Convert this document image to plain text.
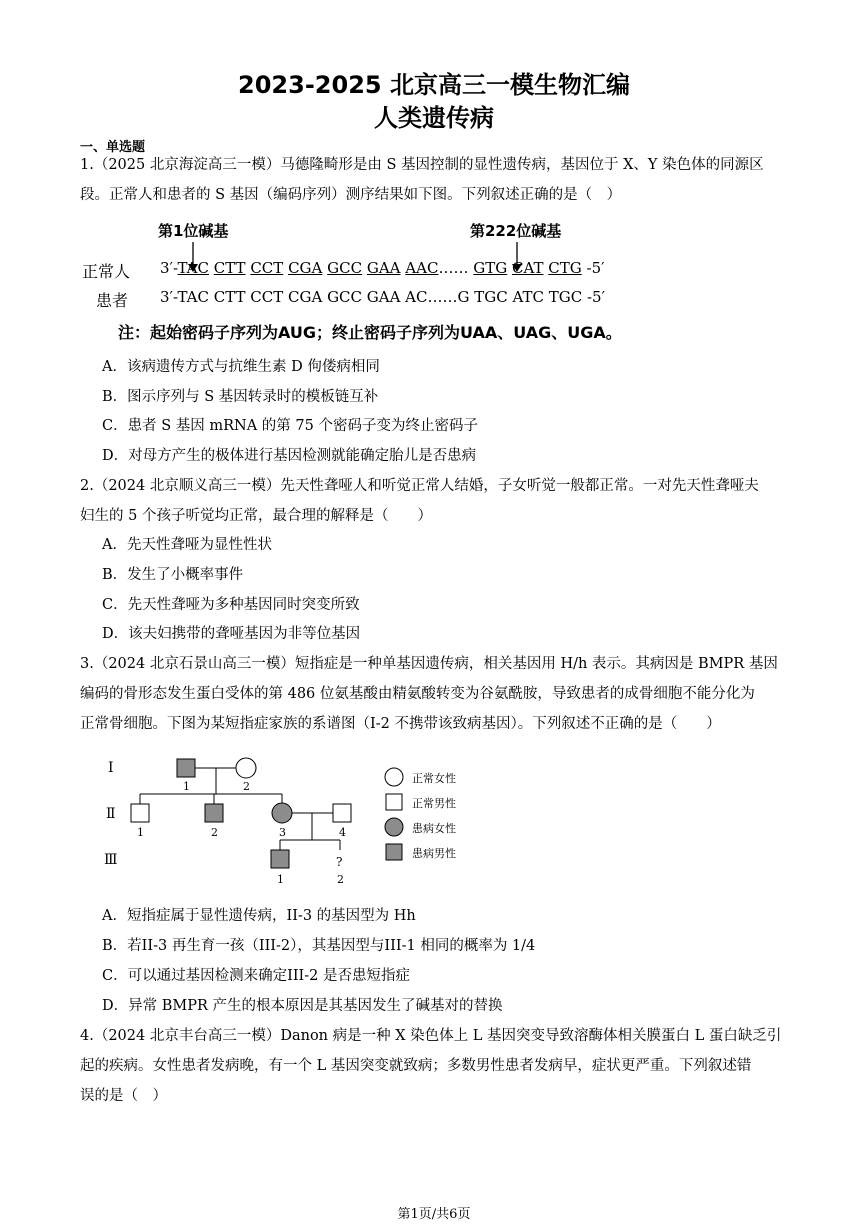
2023-2025 北京高三一模生物汇编
人类遗传病
一、单选题
1.（2025 北京海淀高三一模）马德隆畸形是由 S 基因控制的显性遗传病，基因位于 X、Y 染色体的同源区
段。正常人和患者的 S 基因（编码序列）测序结果如下图。下列叙述正确的是（　）
第1位碱基	第222位碱基
正常人 3′-TAC CTT CCT CGA GCC GAA AAC…… GTG CAT CTG -5′
患者 3′-TAC CTT CCT CGA GCC GAA AC……G TGC ATC TGC -5′
注：起始密码子序列为AUG；终止密码子序列为UAA、UAG、UGA。
A．该病遗传方式与抗维生素 D 佝偻病相同
B．图示序列与 S 基因转录时的模板链互补
C．患者 S 基因 mRNA 的第 75 个密码子变为终止密码子
D．对母方产生的极体进行基因检测就能确定胎儿是否患病
2.（2024 北京顺义高三一模）先天性聋哑人和听觉正常人结婚，子女听觉一般都正常。一对先天性聋哑夫
妇生的 5 个孩子听觉均正常，最合理的解释是（　　）
A．先天性聋哑为显性性状
B．发生了小概率事件
C．先天性聋哑为多种基因同时突变所致
D．该夫妇携带的聋哑基因为非等位基因
3.（2024 北京石景山高三一模）短指症是一种单基因遗传病，相关基因用 H/h 表示。其病因是 BMPR 基因
编码的骨形态发生蛋白受体的第 486 位氨基酸由精氨酸转变为谷氨酰胺，导致患者的成骨细胞不能分化为
正常骨细胞。下图为某短指症家族的系谱图（I-2 不携带该致病基因）。下列叙述不正确的是（　　）
Ⅰ
Ⅱ
Ⅲ
1	2
1	2	3	4
?
1	2
正常女性
正常男性
患病女性
患病男性
A．短指症属于显性遗传病，II-3 的基因型为 Hh
B．若II-3 再生育一孩（III-2），其基因型与III-1 相同的概率为 1/4
C．可以通过基因检测来确定III-2 是否患短指症
D．异常 BMPR 产生的根本原因是其基因发生了碱基对的替换
4.（2024 北京丰台高三一模）Danon 病是一种 X 染色体上 L 基因突变导致溶酶体相关膜蛋白 L 蛋白缺乏引
起的疾病。女性患者发病晚，有一个 L 基因突变就致病；多数男性患者发病早，症状更严重。下列叙述错
误的是（　）
第1页/共6页
